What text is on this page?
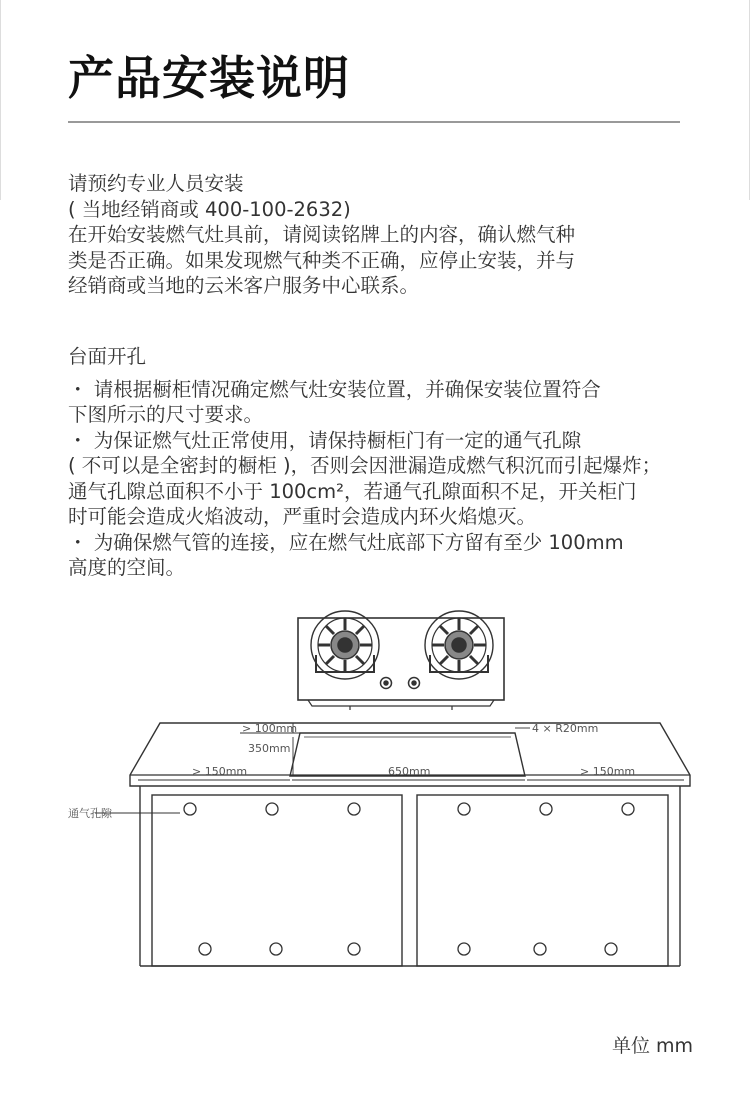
产品安装说明
请预约专业人员安装
( 当地经销商或 400-100-2632)
在开始安装燃气灶具前，请阅读铭牌上的内容，确认燃气种
类是否正确。如果发现燃气种类不正确，应停止安装，并与
经销商或当地的云米客户服务中心联系。
台面开孔
・ 请根据橱柜情况确定燃气灶安装位置，并确保安装位置符合
下图所示的尺寸要求。
・ 为保证燃气灶正常使用，请保持橱柜门有一定的通气孔隙
( 不可以是全密封的橱柜 )，否则会因泄漏造成燃气积沉而引起爆炸；
通气孔隙总面积不小于 100cm²，若通气孔隙面积不足，开关柜门
时可能会造成火焰波动，严重时会造成内环火焰熄灭。
・ 为确保燃气管的连接，应在燃气灶底部下方留有至少 100mm
高度的空间。
> 100mm
350mm
4 × R20mm
> 150mm	650mm	> 150mm
通气孔隙
单位 mm
